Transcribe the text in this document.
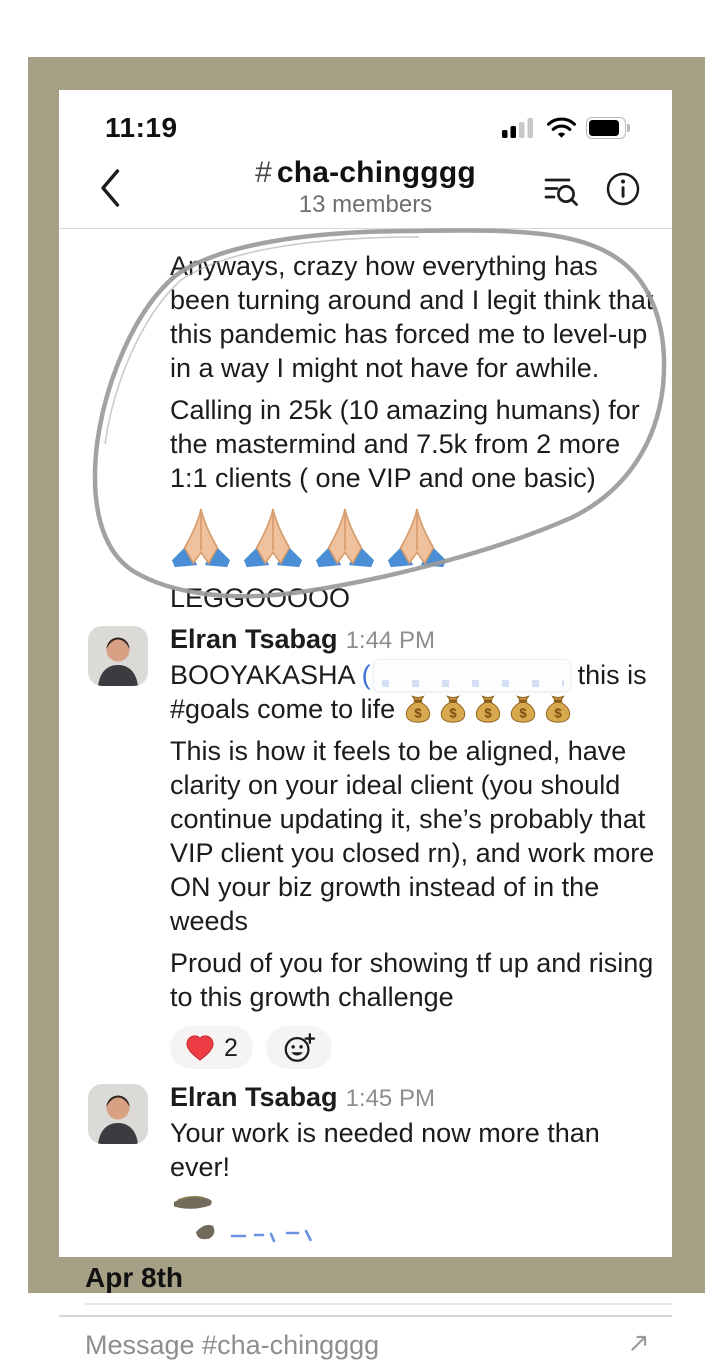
11:19
# cha-chingggg
13 members

Anyways, crazy how everything has been turning around and I legit think that this pandemic has forced me to level-up in a way I might not have for awhile.

Calling in 25k (10 amazing humans) for the mastermind and 7.5k from 2 more 1:1 clients ( one VIP and one basic)

LEGGOOOOO

Elran Tsabag 1:44 PM

BOOYAKASHA (	this is
#goals come to life $ $ $ $ $

This is how it feels to be aligned, have clarity on your ideal client (you should continue updating it, she’s probably that VIP client you closed rn), and work more ON your biz growth instead of in the weeds

Proud of you for showing tf up and rising to this growth challenge

2
Elran Tsabag 1:45 PM

Your work is needed now more than ever!

Apr 8th
Message #cha-chingggg
